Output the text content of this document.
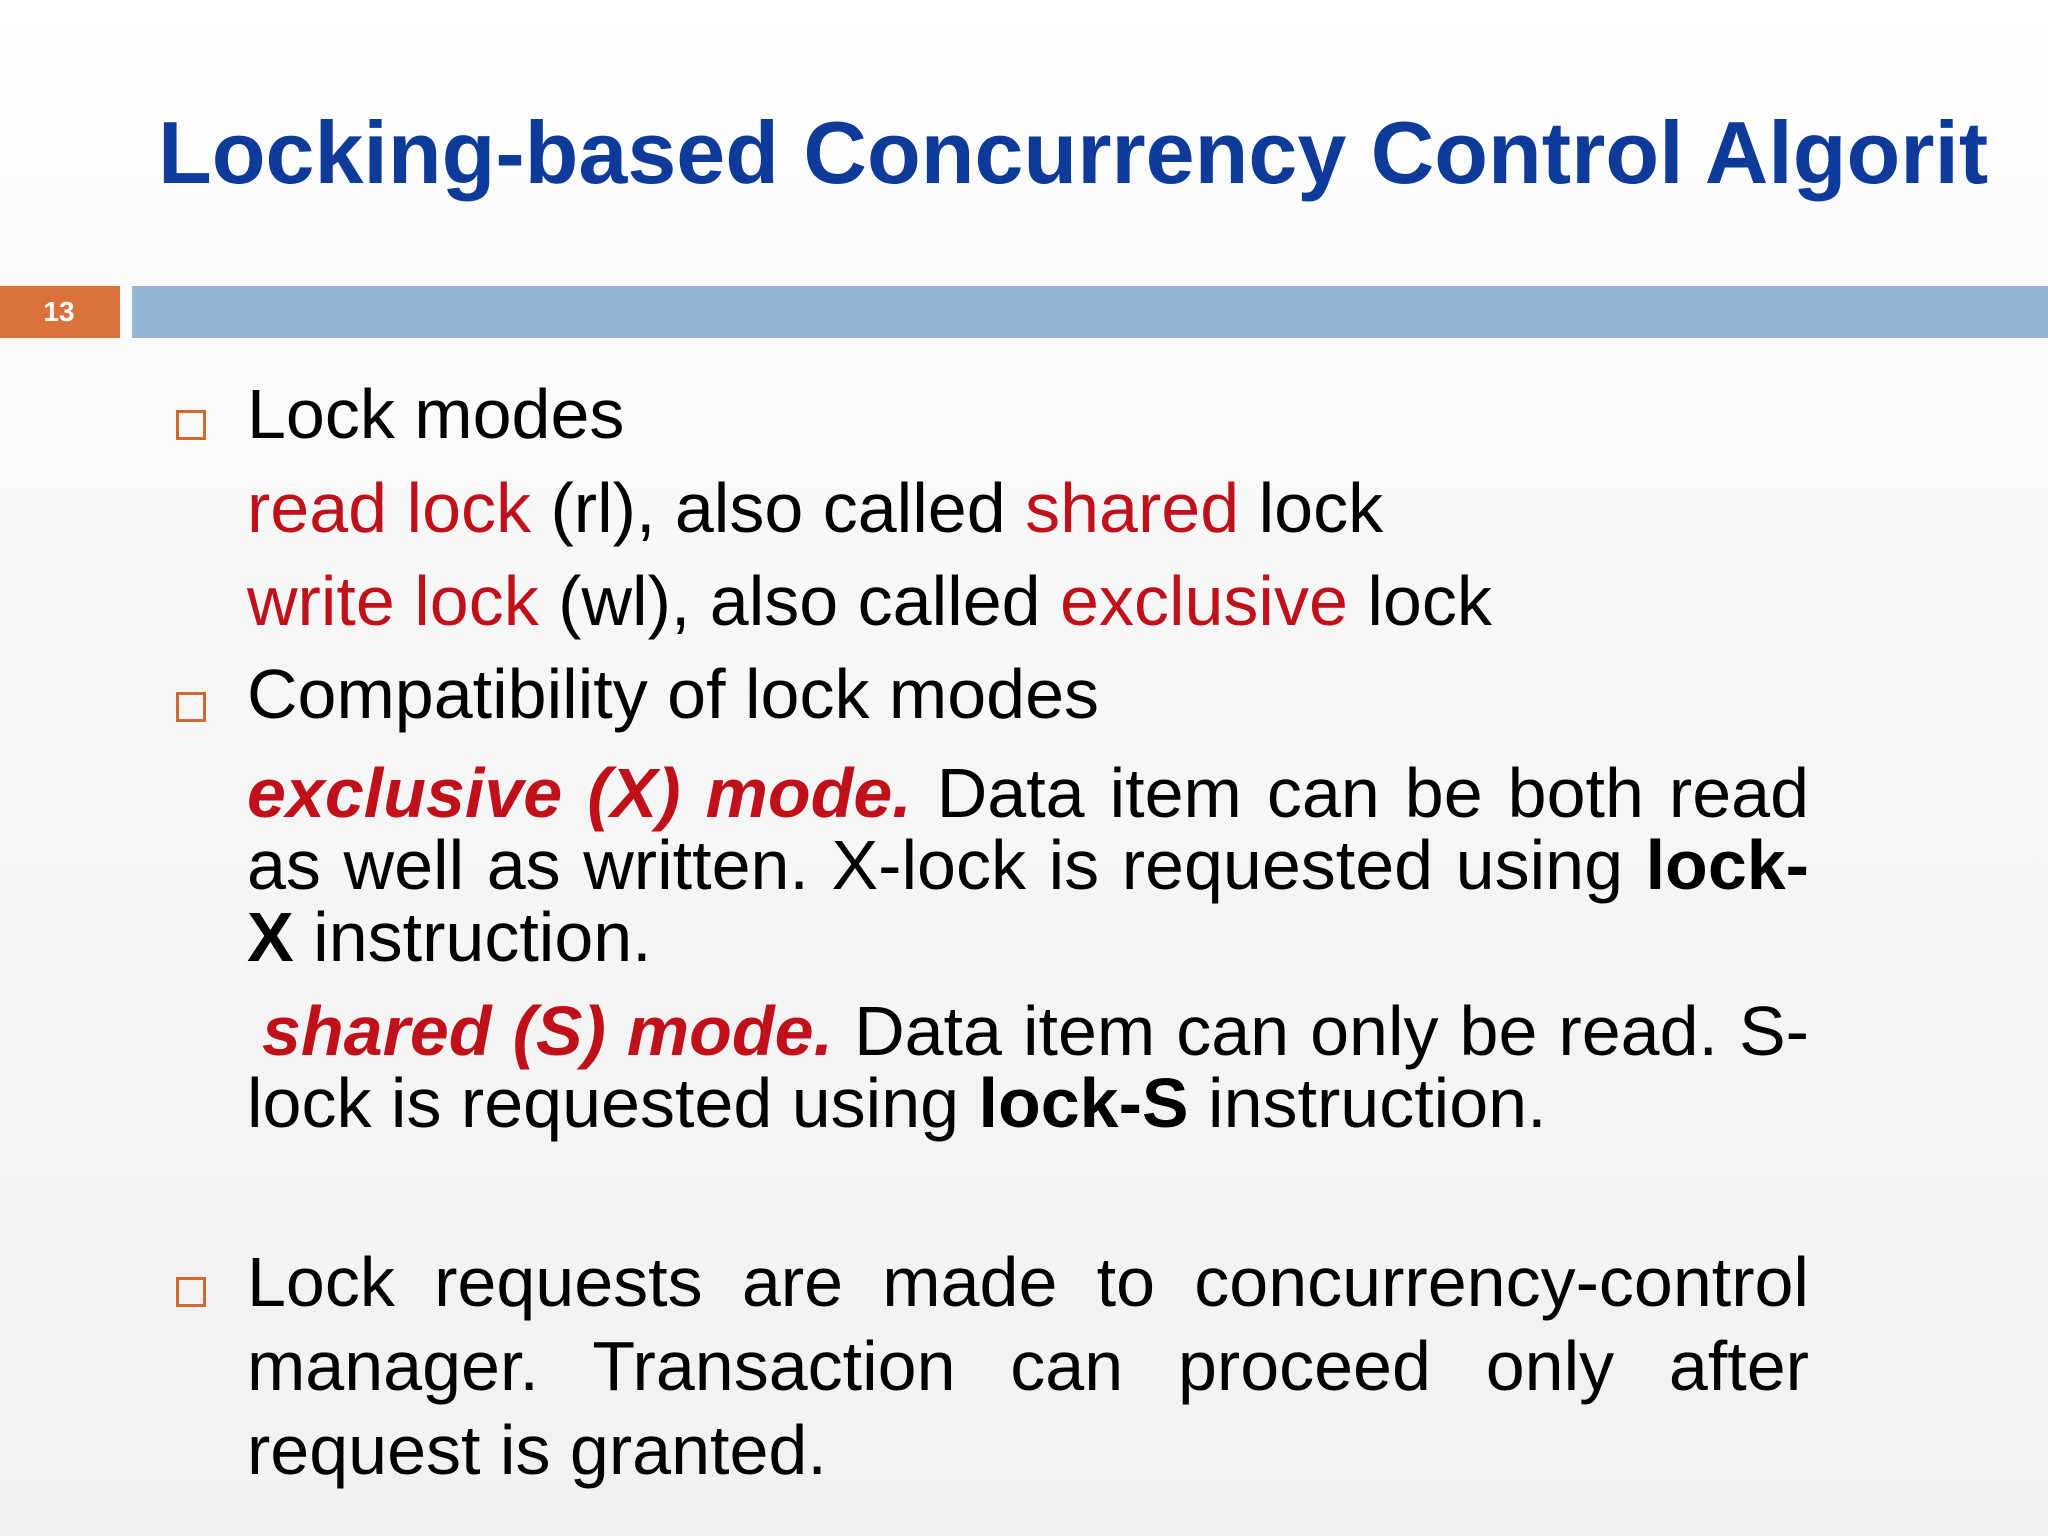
Locking-based Concurrency Control Algorit
13
Lock modes
read lock (rl), also called shared lock
write lock (wl), also called exclusive lock
Compatibility of lock modes
exclusive (X) mode. Data item can be both read as well as written. X-lock is requested using lock-X instruction.
shared (S) mode. Data item can only be read. S-lock is requested using lock-S instruction.
Lock requests are made to concurrency-control manager. Transaction can proceed only after request is granted.
